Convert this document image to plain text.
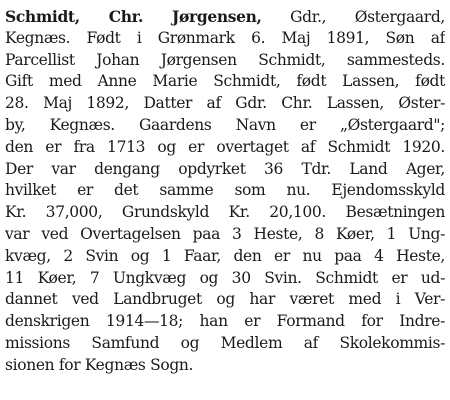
Schmidt, Chr. Jørgensen, Gdr., Østergaard,
Kegnæs. Født i Grønmark 6. Maj 1891, Søn af
Parcellist Johan Jørgensen Schmidt, sammesteds.
Gift med Anne Marie Schmidt, født Lassen, født
28. Maj 1892, Datter af Gdr. Chr. Lassen, Øster-
by, Kegnæs. Gaardens Navn er „Østergaard";
den er fra 1713 og er overtaget af Schmidt 1920.
Der var dengang opdyrket 36 Tdr. Land Ager,
hvilket er det samme som nu. Ejendomsskyld
Kr. 37,000, Grundskyld Kr. 20,100. Besætningen
var ved Overtagelsen paa 3 Heste, 8 Køer, 1 Ung-
kvæg, 2 Svin og 1 Faar, den er nu paa 4 Heste,
11 Køer, 7 Ungkvæg og 30 Svin. Schmidt er ud-
dannet ved Landbruget og har været med i Ver-
denskrigen 1914—18; han er Formand for Indre-
missions Samfund og Medlem af Skolekommis-
sionen for Kegnæs Sogn.
